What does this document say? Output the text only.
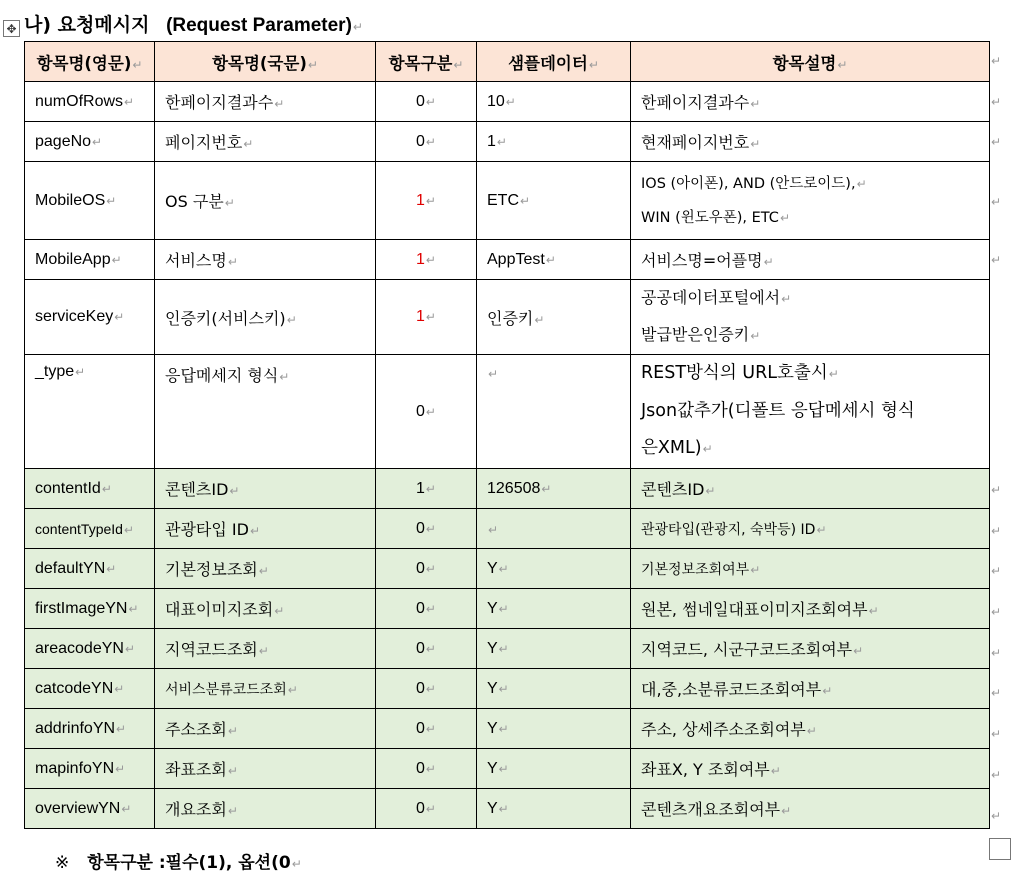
✥ 나) 요청메시지 (Request Parameter)↵
항목명(영문)↵	항목명(국문)↵	항목구분↵	샘플데이터↵	항목설명↵
numOfRows↵	한페이지결과수↵	0↵	10↵	한페이지결과수↵
pageNo↵	페이지번호↵	0↵	1↵	현재페이지번호↵
MobileOS↵	OS 구분↵	1↵	ETC↵	IOS (아이폰), AND (안드로이드),↵
WIN (윈도우폰), ETC↵
MobileApp↵	서비스명↵	1↵	AppTest↵	서비스명=어플명↵
serviceKey↵	인증키(서비스키)↵	1↵	인증키↵	공공데이터포털에서↵
발급받은인증키↵
_type↵	응답메세지 형식↵	0↵	↵	REST방식의 URL호출시↵
Json값추가(디폴트 응답메세시 형식
은XML)↵
contentId↵	콘텐츠ID↵	1↵	126508↵	콘텐츠ID↵
contentTypeId↵	관광타입 ID↵	0↵	↵	관광타입(관광지, 숙박등) ID↵
defaultYN↵	기본정보조회↵	0↵	Y↵	기본정보조회여부↵
firstImageYN↵	대표이미지조회↵	0↵	Y↵	원본, 썸네일대표이미지조회여부↵
areacodeYN↵	지역코드조회↵	0↵	Y↵	지역코드, 시군구코드조회여부↵
catcodeYN↵	서비스분류코드조회↵	0↵	Y↵	대,중,소분류코드조회여부↵
addrinfoYN↵	주소조회↵	0↵	Y↵	주소, 상세주소조회여부↵
mapinfoYN↵	좌표조회↵	0↵	Y↵	좌표X, Y 조회여부↵
overviewYN↵	개요조회↵	0↵	Y↵	콘텐츠개요조회여부↵
↵
↵
↵
↵
↵
↵
↵
↵
↵
↵
↵
↵
↵
↵
※ 항목구분 :필수(1), 옵션(0↵
